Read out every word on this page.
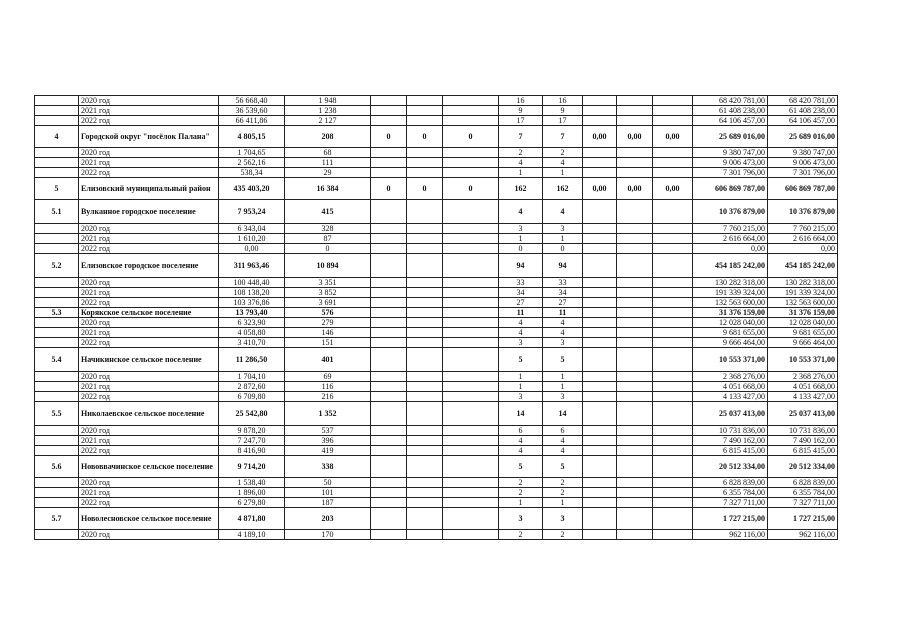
	2020 год	56 668,40	1 948				16	16				68 420 781,00	68 420 781,00
	2021 год	36 539,60	1 238				9	9				61 408 238,00	61 408 238,00
	2022 год	66 411,86	2 127				17	17				64 106 457,00	64 106 457,00
4	Городской округ "посёлок Палана"	4 805,15	208	0	0	0	7	7	0,00	0,00	0,00	25 689 016,00	25 689 016,00
	2020 год	1 704,65	68				2	2				9 380 747,00	9 380 747,00
	2021 год	2 562,16	111				4	4				9 006 473,00	9 006 473,00
	2022 год	538,34	29				1	1				7 301 796,00	7 301 796,00
5	Елизовский муниципальный район	435 403,20	16 384	0	0	0	162	162	0,00	0,00	0,00	606 869 787,00	606 869 787,00
5.1	Вулканное городское поселение	7 953,24	415				4	4				10 376 879,00	10 376 879,00
	2020 год	6 343,04	328				3	3				7 760 215,00	7 760 215,00
	2021 год	1 610,20	87				1	1				2 616 664,00	2 616 664,00
	2022 год	0,00	0				0	0				0,00	0,00
5.2	Елизовское городское поселение	311 963,46	10 894				94	94				454 185 242,00	454 185 242,00
	2020 год	100 448,40	3 351				33	33				130 282 318,00	130 282 318,00
	2021 год	108 138,20	3 852				34	34				191 339 324,00	191 339 324,00
	2022 год	103 376,86	3 691				27	27				132 563 600,00	132 563 600,00
5.3	Корякское сельское поселение	13 793,40	576				11	11				31 376 159,00	31 376 159,00
	2020 год	6 323,90	279				4	4				12 028 040,00	12 028 040,00
	2021 год	4 058,80	146				4	4				9 681 655,00	9 681 655,00
	2022 год	3 410,70	151				3	3				9 666 464,00	9 666 464,00
5.4	Начикинское сельское поселение	11 286,50	401				5	5				10 553 371,00	10 553 371,00
	2020 год	1 704,10	69				1	1				2 368 276,00	2 368 276,00
	2021 год	2 872,60	116				1	1				4 051 668,00	4 051 668,00
	2022 год	6 709,80	216				3	3				4 133 427,00	4 133 427,00
5.5	Николаевское сельское поселение	25 542,80	1 352				14	14				25 037 413,00	25 037 413,00
	2020 год	9 878,20	537				6	6				10 731 836,00	10 731 836,00
	2021 год	7 247,70	396				4	4				7 490 162,00	7 490 162,00
	2022 год	8 416,90	419				4	4				6 815 415,00	6 815 415,00
5.6	Нововвачинское сельское поселение	9 714,20	338				5	5				20 512 334,00	20 512 334,00
	2020 год	1 538,40	50				2	2				6 828 839,00	6 828 839,00
	2021 год	1 896,00	101				2	2				6 355 784,00	6 355 784,00
	2022 год	6 279,80	187				1	1				7 327 711,00	7 327 711,00
5.7	Новолесновское сельское поселение	4 871,80	203				3	3				1 727 215,00	1 727 215,00
	2020 год	4 189,10	170				2	2				962 116,00	962 116,00
